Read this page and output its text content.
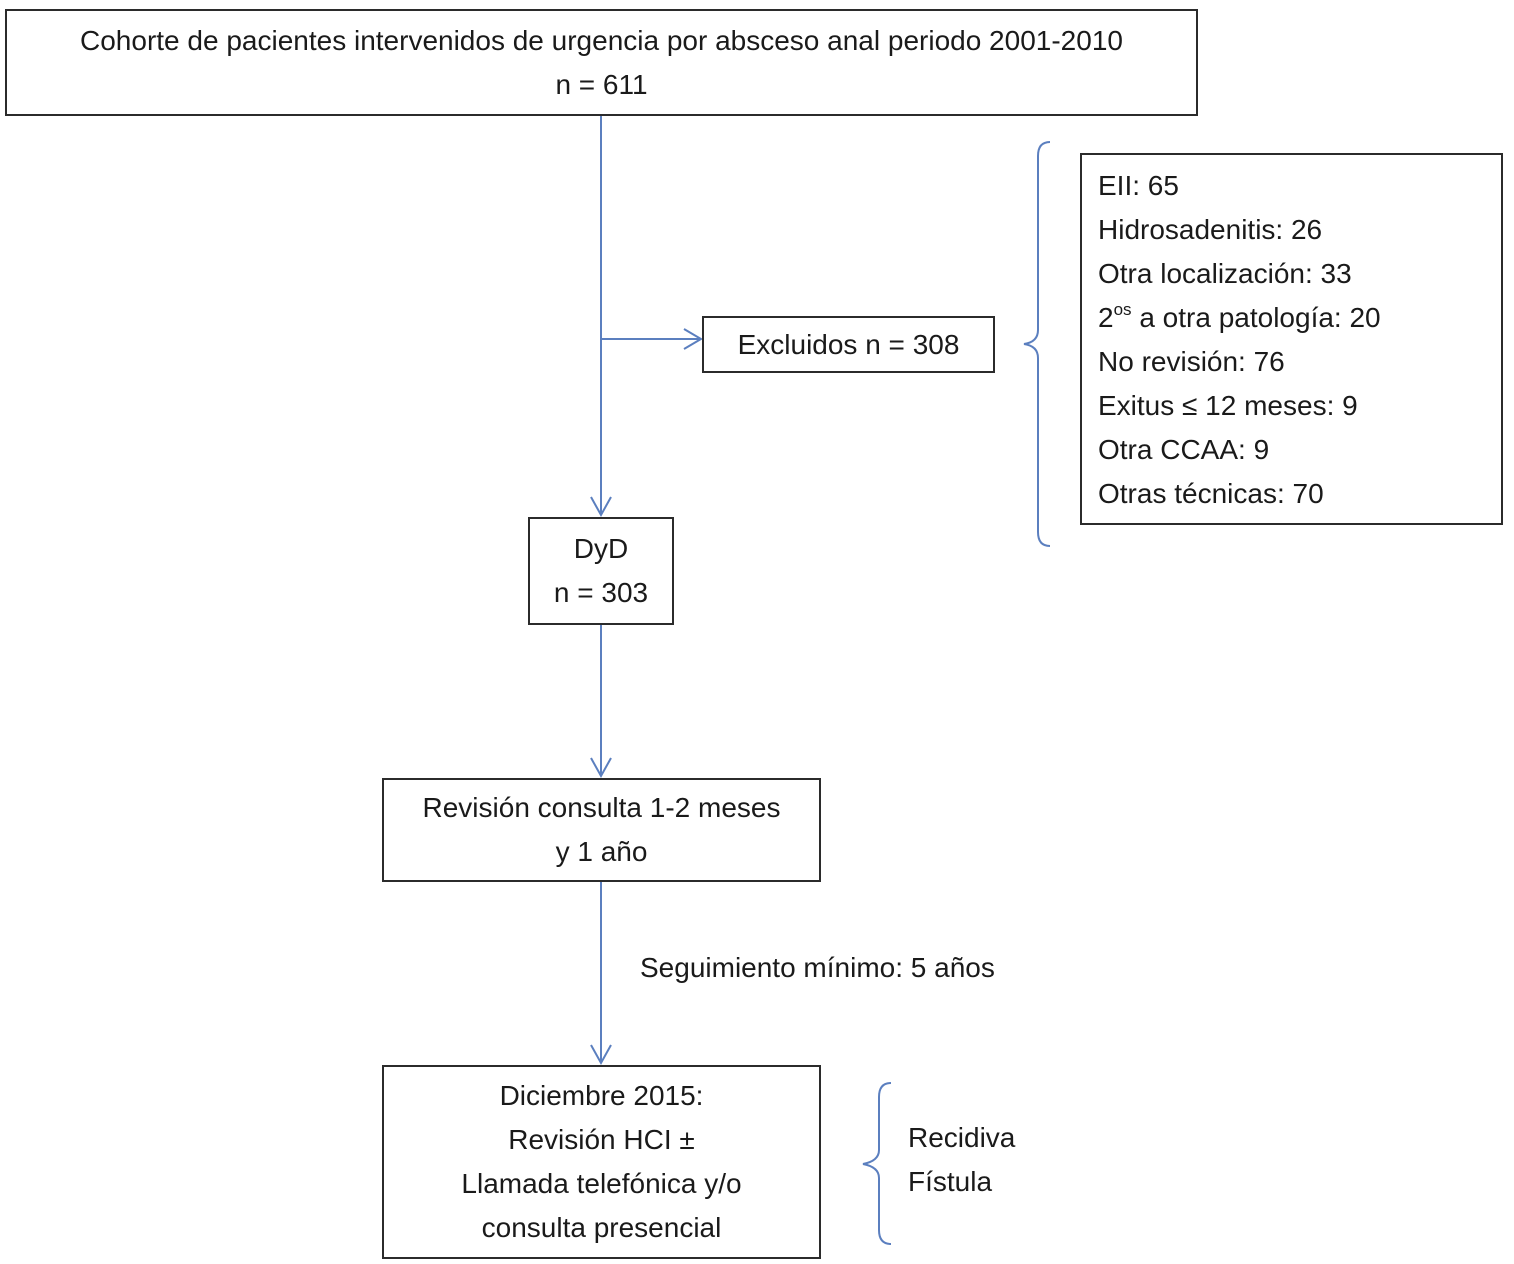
Cohorte de pacientes intervenidos de urgencia por absceso anal periodo 2001-2010
n = 611
Excluidos n = 308
EII: 65
Hidrosadenitis: 26
Otra localización: 33
$2^{os}$ a otra patología: 20
No revisión: 76
Exitus ≤ 12 meses: 9
Otra CCAA: 9
Otras técnicas: 70
DyD
n = 303
Revisión consulta 1-2 meses
y 1 año
Seguimiento mínimo: 5 años
Diciembre 2015:
Revisión HCI ±
Llamada telefónica y/o
consulta presencial
Recidiva
Fístula
